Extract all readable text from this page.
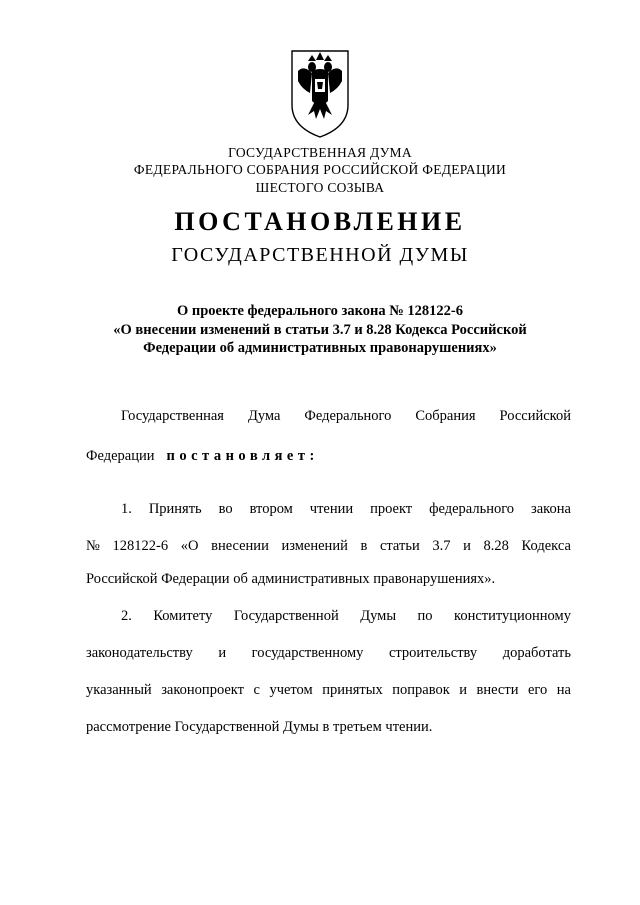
ГОСУДАРСТВЕННАЯ ДУМА
ФЕДЕРАЛЬНОГО СОБРАНИЯ РОССИЙСКОЙ ФЕДЕРАЦИИ
ШЕСТОГО СОЗЫВА
ПОСТАНОВЛЕНИЕ
ГОСУДАРСТВЕННОЙ ДУМЫ
О проекте федерального закона № 128122-6
«О внесении изменений в статьи 3.7 и 8.28 Кодекса Российской
Федерации об административных правонарушениях»
Государственная Дума Федерального Собрания Российской
Федерации постановляет:
1. Принять во втором чтении проект федерального закона
№ 128122-6 «О внесении изменений в статьи 3.7 и 8.28 Кодекса
Российской Федерации об административных правонарушениях».
2. Комитету Государственной Думы по конституционному
законодательству и государственному строительству доработать
указанный законопроект с учетом принятых поправок и внести его на
рассмотрение Государственной Думы в третьем чтении.
